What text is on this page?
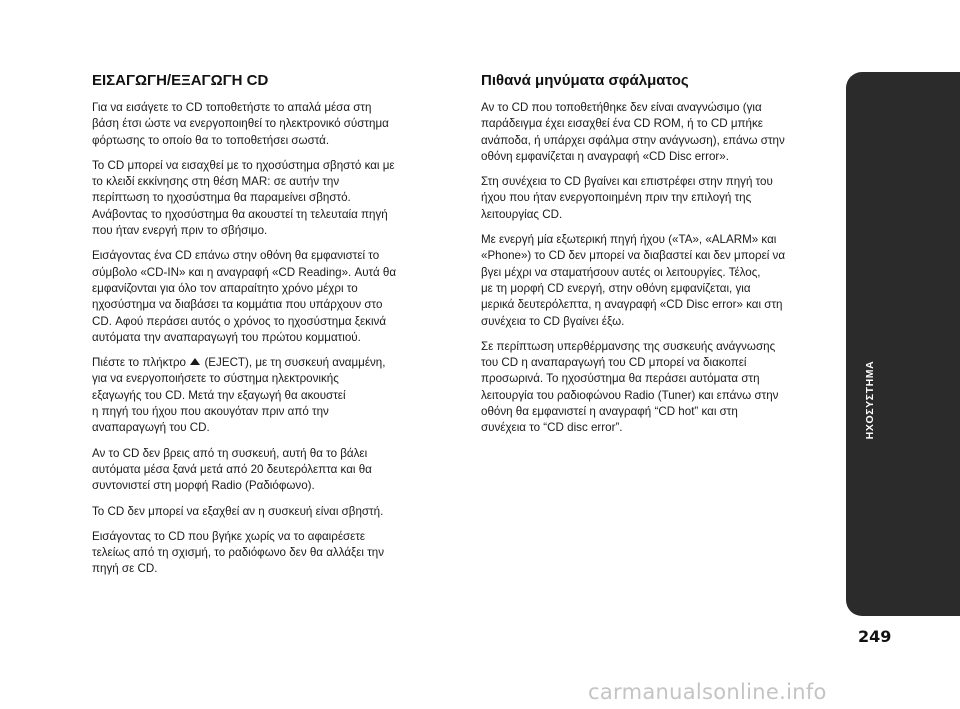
ΕΙΣΑΓΩΓΗ/ΕΞΑΓΩΓΗ CD

Για να εισάγετε το CD τοποθετήστε το απαλά μέσα στη
βάση έτσι ώστε να ενεργοποιηθεί το ηλεκτρονικό σύστημα
φόρτωσης το οποίο θα το τοποθετήσει σωστά.

Το CD μπορεί να εισαχθεί με το ηχοσύστημα σβηστό και με
το κλειδί εκκίνησης στη θέση MAR: σε αυτήν την
περίπτωση το ηχοσύστημα θα παραμείνει σβηστό.
Ανάβοντας το ηχοσύστημα θα ακουστεί τη τελευταία πηγή
που ήταν ενεργή πριν το σβήσιμο.

Εισάγοντας ένα CD επάνω στην οθόνη θα εμφανιστεί το
σύμβολο «CD-IN» και η αναγραφή «CD Reading». Αυτά θα
εμφανίζονται για όλο τον απαραίτητο χρόνο μέχρι το
ηχοσύστημα να διαβάσει τα κομμάτια που υπάρχουν στο
CD. Αφού περάσει αυτός ο χρόνος το ηχοσύστημα ξεκινά
αυτόματα την αναπαραγωγή του πρώτου κομματιού.

Πιέστε το πλήκτρο  (EJECT), με τη συσκευή αναμμένη,
για να ενεργοποιήσετε το σύστημα ηλεκτρονικής
εξαγωγής του CD. Μετά την εξαγωγή θα ακουστεί
η πηγή του ήχου που ακουγόταν πριν από την
αναπαραγωγή του CD.

Αν το CD δεν βρεις από τη συσκευή, αυτή θα το βάλει
αυτόματα μέσα ξανά μετά από 20 δευτερόλεπτα και θα
συντονιστεί στη μορφή Radio (Ραδιόφωνο).

Το CD δεν μπορεί να εξαχθεί αν η συσκευή είναι σβηστή.

Εισάγοντας το CD που βγήκε χωρίς να το αφαιρέσετε
τελείως από τη σχισμή, το ραδιόφωνο δεν θα αλλάξει την
πηγή σε CD.

Πιθανά μηνύματα σφάλματος

Αν το CD που τοποθετήθηκε δεν είναι αναγνώσιμο (για
παράδειγμα έχει εισαχθεί ένα CD ROM, ή το CD μπήκε
ανάποδα, ή υπάρχει σφάλμα στην ανάγνωση), επάνω στην
οθόνη εμφανίζεται η αναγραφή «CD Disc error».

Στη συνέχεια το CD βγαίνει και επιστρέφει στην πηγή του
ήχου που ήταν ενεργοποιημένη πριν την επιλογή της
λειτουργίας CD.

Με ενεργή μία εξωτερική πηγή ήχου («TA», «ALARM» και
«Phone») το CD δεν μπορεί να διαβαστεί και δεν μπορεί να
βγει μέχρι να σταματήσουν αυτές οι λειτουργίες. Τέλος,
με τη μορφή CD ενεργή, στην οθόνη εμφανίζεται, για
μερικά δευτερόλεπτα, η αναγραφή «CD Disc error» και στη
συνέχεια το CD βγαίνει έξω.

Σε περίπτωση υπερθέρμανσης της συσκευής ανάγνωσης
του CD η αναπαραγωγή του CD μπορεί να διακοπεί
προσωρινά. Το ηχοσύστημα θα περάσει αυτόματα στη
λειτουργία του ραδιοφώνου Radio (Tuner) και επάνω στην
οθόνη θα εμφανιστεί η αναγραφή “CD hot” και στη
συνέχεια το “CD disc error”.	ΗΧΟΣΥΣΤΗΜΑ
249
carmanualsonline.info
